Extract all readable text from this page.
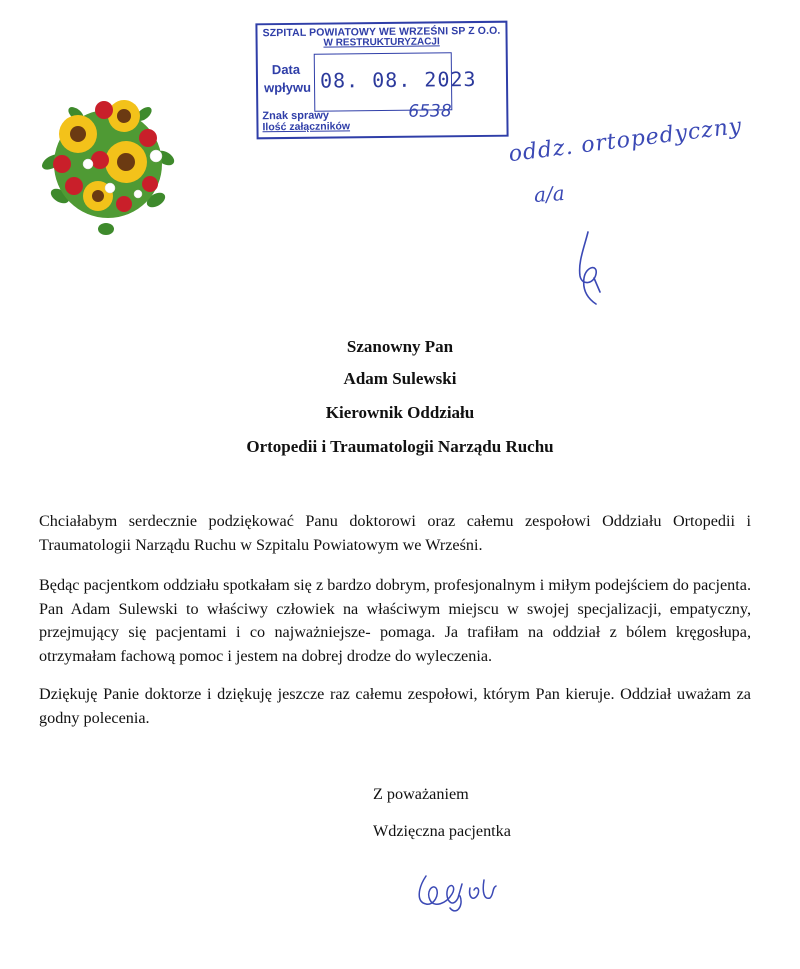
SZPITAL POWIATOWY WE WRZEŚNI SP Z O.O.
W RESTRUKTURYZACJI
Data
wpływu 08. 08. 2023
Znak sprawy
Ilość załączników
6538
oddz. ortopedyczny
a/a
Szanowny Pan
Adam Sulewski
Kierownik Oddziału
Ortopedii i Traumatologii Narządu Ruchu
Chciałabym serdecznie podziękować Panu doktorowi oraz całemu zespołowi Oddziału Ortopedii i Traumatologii Narządu Ruchu w Szpitalu Powiatowym we Wrześni.
Będąc pacjentkom oddziału spotkałam się z bardzo dobrym, profesjonalnym i miłym podejściem do pacjenta. Pan Adam Sulewski to właściwy człowiek na właściwym miejscu w swojej specjalizacji, empatyczny, przejmujący się pacjentami i co najważniejsze- pomaga. Ja trafiłam na oddział z bólem kręgosłupa, otrzymałam fachową pomoc i jestem na dobrej drodze do wyleczenia.
Dziękuję Panie doktorze i dziękuję jeszcze raz całemu zespołowi, którym Pan kieruje. Oddział uważam za godny polecenia.
Z poważaniem
Wdzięczna pacjentka
